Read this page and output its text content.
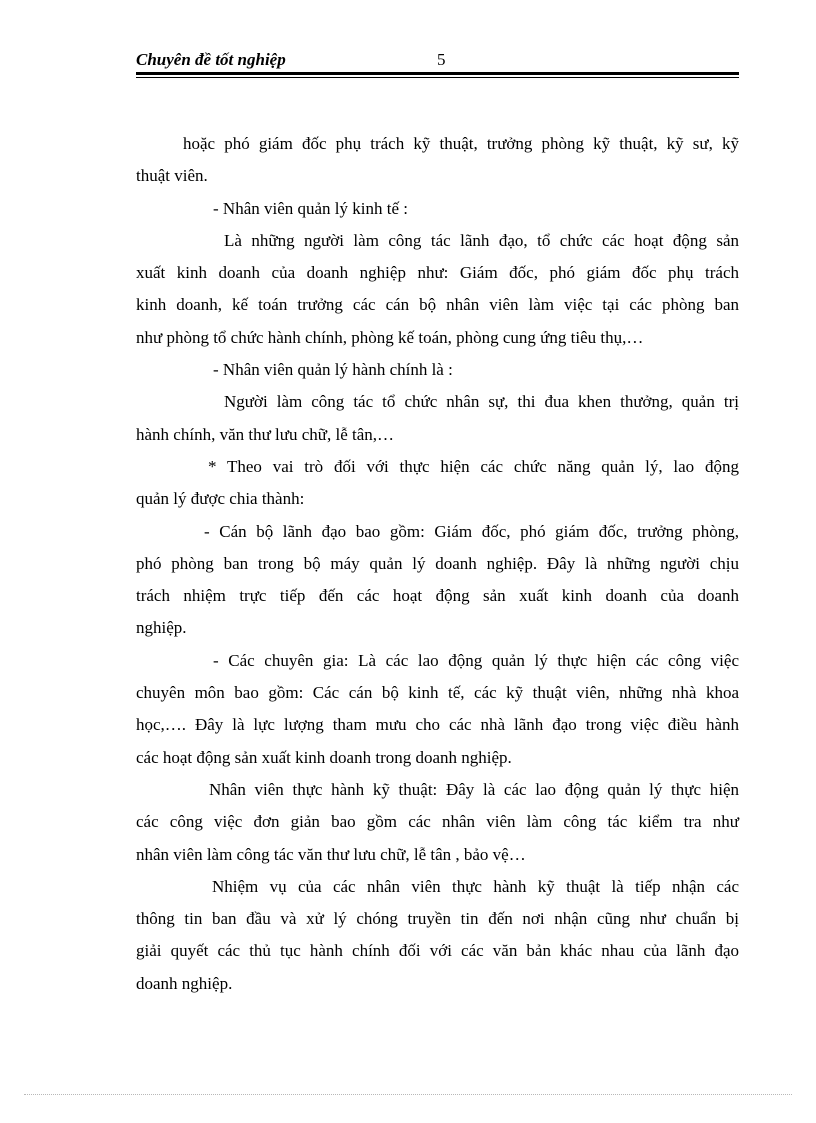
Chuyên đề tốt nghiệp	5
hoặc phó giám đốc phụ trách kỹ thuật, trưởng phòng kỹ thuật, kỹ sư, kỹ
thuật viên.
- Nhân viên quản lý kinh tế :
Là những người làm công tác lãnh đạo, tổ chức các hoạt động sản
xuất kinh doanh của doanh nghiệp như: Giám đốc, phó giám đốc phụ trách
kinh doanh, kế toán trưởng các cán bộ nhân viên làm việc tại các phòng ban
như phòng tổ chức hành chính, phòng kế toán, phòng cung ứng tiêu thụ,…
- Nhân viên quản lý hành chính là :
Người làm công tác tổ chức nhân sự, thi đua khen thưởng, quản trị
hành chính, văn thư lưu chữ, lễ tân,…
* Theo vai trò đối với thực hiện các chức năng quản lý, lao động
quản lý được chia thành:
- Cán bộ lãnh đạo bao gồm: Giám đốc, phó giám đốc, trưởng phòng,
phó phòng ban trong bộ máy quản lý doanh nghiệp. Đây là những người chịu
trách nhiệm trực tiếp đến các hoạt động sản xuất kinh doanh của doanh
nghiệp.
- Các chuyên gia: Là các lao động quản lý thực hiện các công việc
chuyên môn bao gồm: Các cán bộ kinh tế, các kỹ thuật viên, những nhà khoa
học,…. Đây là lực lượng tham mưu cho các nhà lãnh đạo trong việc điều hành
các hoạt động sản xuất kinh doanh trong doanh nghiệp.
Nhân viên thực hành kỹ thuật: Đây là các lao động quản lý thực hiện
các công việc đơn giản bao gồm các nhân viên làm công tác kiểm tra như
nhân viên làm công tác văn thư lưu chữ, lễ tân , bảo vệ…
Nhiệm vụ của các nhân viên thực hành kỹ thuật là tiếp nhận các
thông tin ban đầu và xử lý chóng truyền tin đến nơi nhận cũng như chuẩn bị
giải quyết các thủ tục hành chính đối với các văn bản khác nhau của lãnh đạo
doanh nghiệp.
